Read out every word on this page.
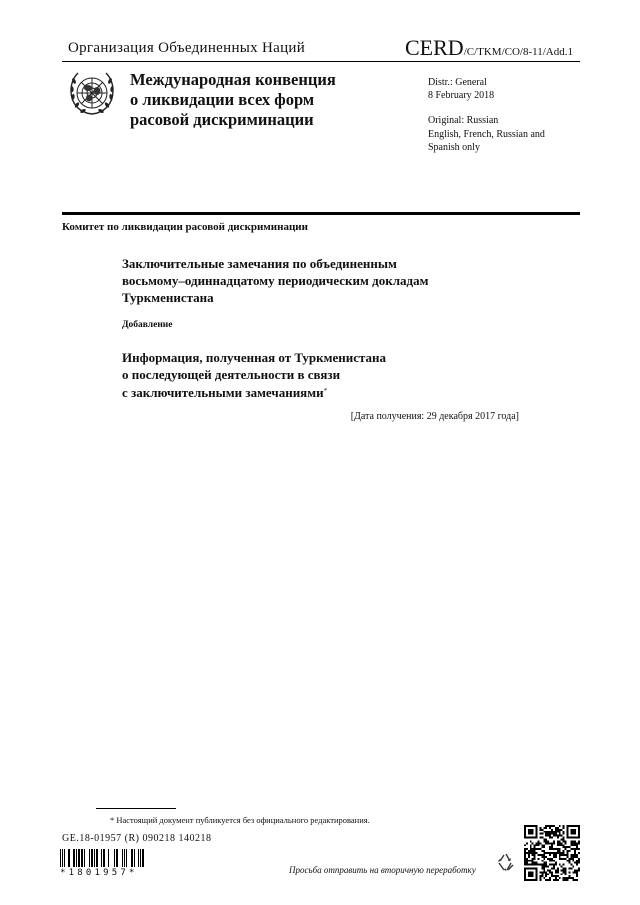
Организация Объединенных Наций	CERD/C/TKM/CO/8-11/Add.1
Международная конвенция
о ликвидации всех форм
расовой дискриминации
Distr.: General
8 February 2018
Original: Russian
English, French, Russian and
Spanish only
Комитет по ликвидации расовой дискриминации
Заключительные замечания по объединенным
восьмому–одиннадцатому периодическим докладам
Туркменистана
Добавление
Информация, полученная от Туркменистана
о последующей деятельности в связи
с заключительными замечаниями*
[Дата получения: 29 декабря 2017 года]
* Настоящий документ публикуется без официального редактирования.
GE.18-01957 (R) 090218 140218
*1801957*	Просьба отправить на вторичную переработку
